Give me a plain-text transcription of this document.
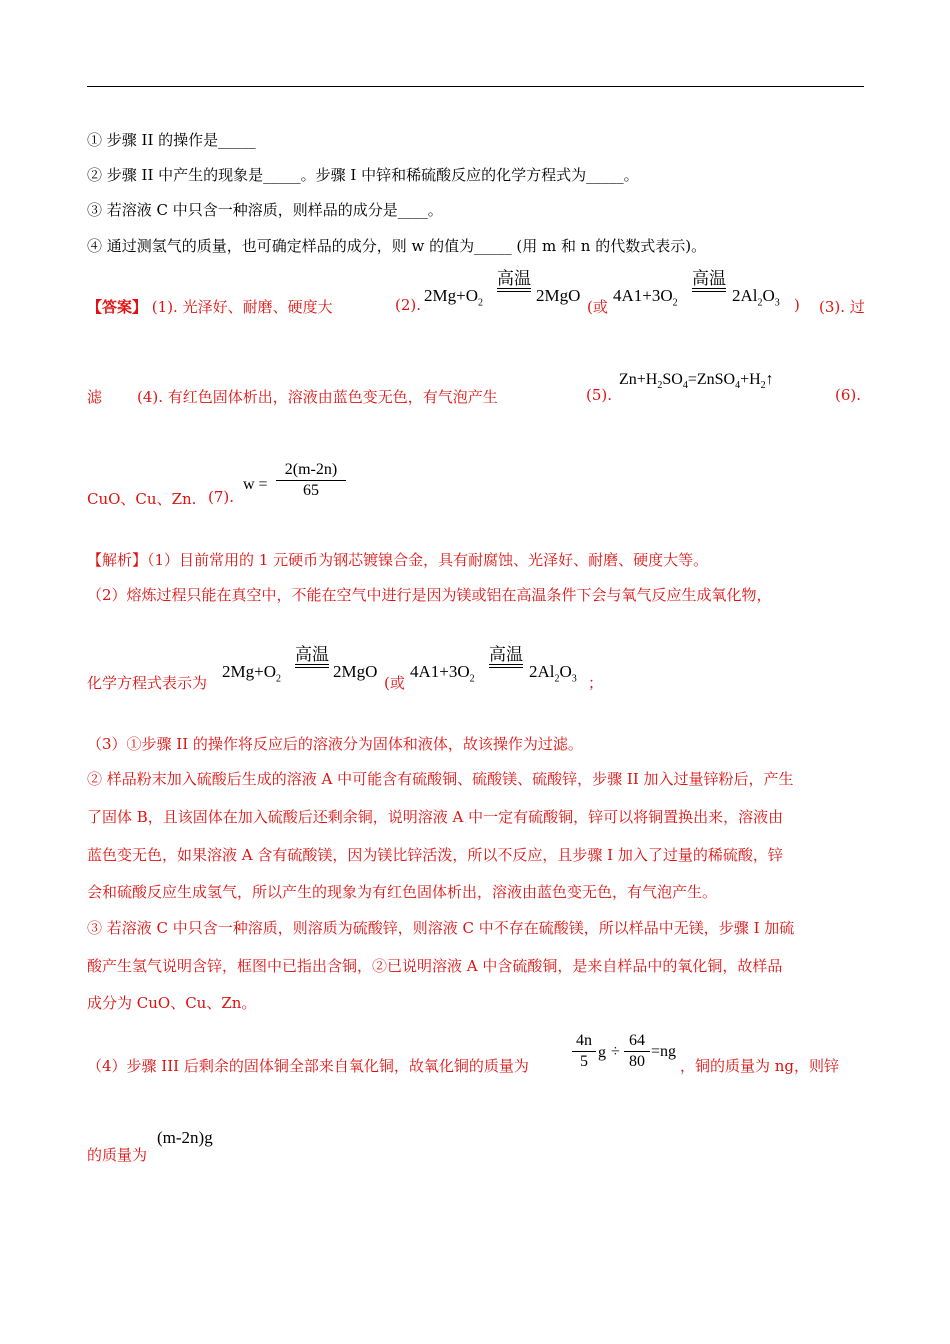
① 步骤 II 的操作是_____
② 步骤 II 中产生的现象是_____。步骤 I 中锌和稀硫酸反应的化学方程式为_____。
③ 若溶液 C 中只含一种溶质，则样品的成分是____。
④ 通过测氢气的质量，也可确定样品的成分，则 w 的值为_____ (用 m 和 n 的代数式表示)。
【答案】 (1). 光泽好、耐磨、硬度大	(2). $2Mg+O_2$
高温
2MgO
(或
$4A1+3O_2$
高温
$2Al_2O_3$ ) (3). 过
滤 (4). 有红色固体析出，溶液由蓝色变无色，有气泡产生	(5).
$Zn+H_2SO_4=ZnSO_4+H_2↑$
(6).
CuO、Cu、Zn. (7).
w =
2(m-2n)
65
【解析】（1）目前常用的 1 元硬币为钢芯镀镍合金，具有耐腐蚀、光泽好、耐磨、硬度大等。
（2）熔炼过程只能在真空中，不能在空气中进行是因为镁或铝在高温条件下会与氧气反应生成氧化物，
化学方程式表示为
$2Mg+O_2$
高温
2MgO
(或
$4A1+3O_2$
高温
$2Al_2O_3$ ；
（3）①步骤 II 的操作将反应后的溶液分为固体和液体，故该操作为过滤。
② 样品粉末加入硫酸后生成的溶液 A 中可能含有硫酸铜、硫酸镁、硫酸锌，步骤 II 加入过量锌粉后，产生
了固体 B，且该固体在加入硫酸后还剩余铜，说明溶液 A 中一定有硫酸铜，锌可以将铜置换出来，溶液由
蓝色变无色，如果溶液 A 含有硫酸镁，因为镁比锌活泼，所以不反应，且步骤 I 加入了过量的稀硫酸，锌
会和硫酸反应生成氢气，所以产生的现象为有红色固体析出，溶液由蓝色变无色，有气泡产生。
③ 若溶液 C 中只含一种溶质，则溶质为硫酸锌，则溶液 C 中不存在硫酸镁，所以样品中无镁，步骤 I 加硫
酸产生氢气说明含锌，框图中已指出含铜，②已说明溶液 A 中含硫酸铜，是来自样品中的氧化铜，故样品
成分为 CuO、Cu、Zn。
（4）步骤 III 后剩余的固体铜全部来自氧化铜，故氧化铜的质量为
4n
5
g ÷
64
80
=ng
，铜的质量为 ng，则锌
的质量为
(m-2n)g
